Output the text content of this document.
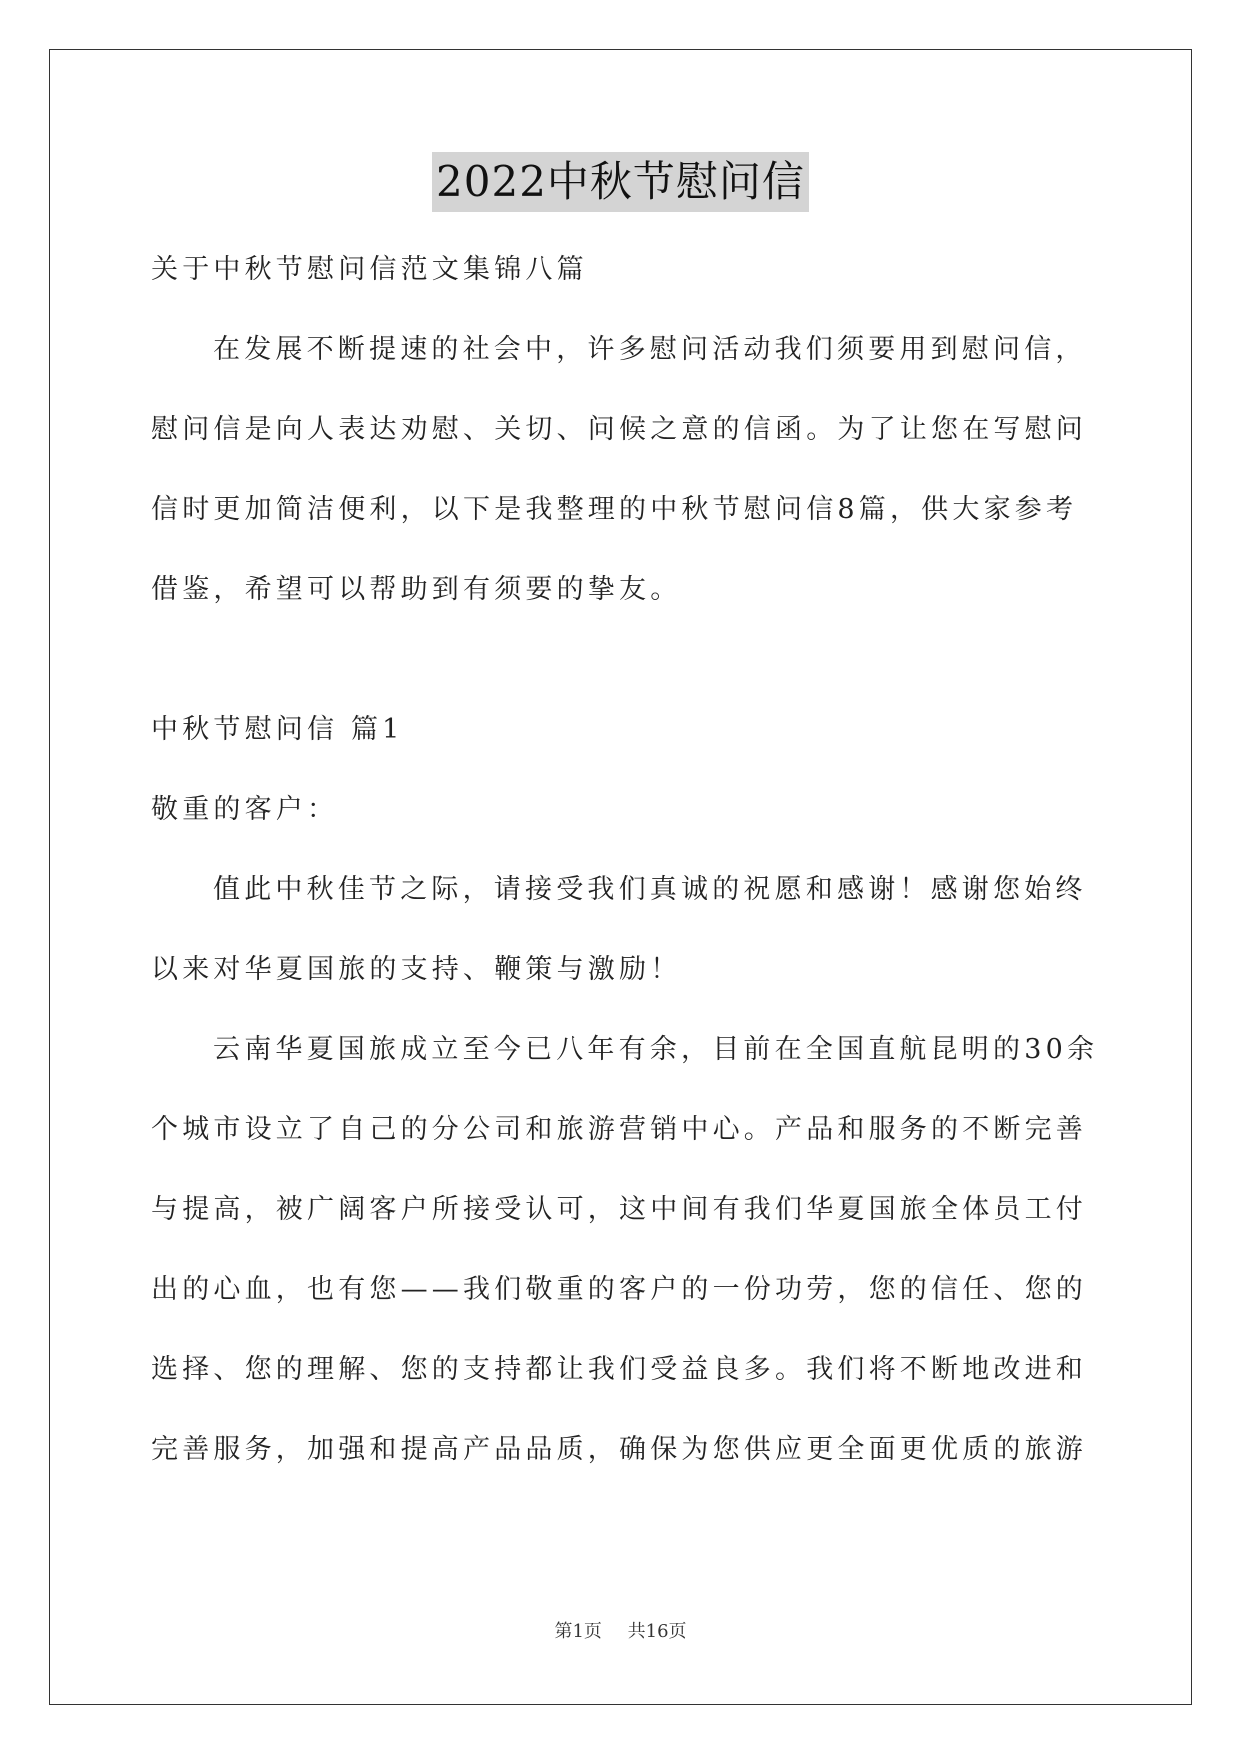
2022中秋节慰问信
关于中秋节慰问信范文集锦八篇
在发展不断提速的社会中，许多慰问活动我们须要用到慰问信，
慰问信是向人表达劝慰、关切、问候之意的信函。为了让您在写慰问
信时更加简洁便利，以下是我整理的中秋节慰问信8篇，供大家参考
借鉴，希望可以帮助到有须要的挚友。
中秋节慰问信 篇1
敬重的客户：
值此中秋佳节之际，请接受我们真诚的祝愿和感谢！感谢您始终
以来对华夏国旅的支持、鞭策与激励！
云南华夏国旅成立至今已八年有余，目前在全国直航昆明的30余
个城市设立了自己的分公司和旅游营销中心。产品和服务的不断完善
与提高，被广阔客户所接受认可，这中间有我们华夏国旅全体员工付
出的心血，也有您——我们敬重的客户的一份功劳，您的信任、您的
选择、您的理解、您的支持都让我们受益良多。我们将不断地改进和
完善服务，加强和提高产品品质，确保为您供应更全面更优质的旅游
第1页 共16页
